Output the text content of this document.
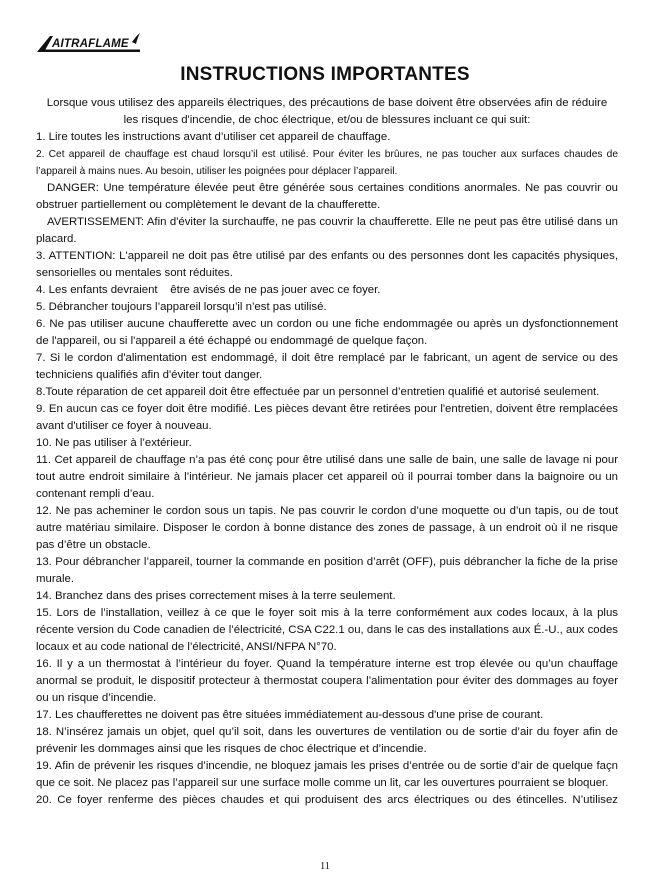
AITRAFLAME
INSTRUCTIONS IMPORTANTES

Lorsque vous utilisez des appareils électriques, des précautions de base doivent être observées afin de réduire les risques d'incendie, de choc électrique, et/ou de blessures incluant ce qui suit:

1. Lire toutes les instructions avant d’utiliser cet appareil de chauffage.

2. Cet appareil de chauffage est chaud lorsqu’il est utilisé. Pour éviter les brûures, ne pas toucher aux surfaces chaudes de l’appareil à mains nues. Au besoin, utiliser les poignées pour déplacer l’appareil.

DANGER: Une température élevée peut être générée sous certaines conditions anormales. Ne pas couvrir ou obstruer partiellement ou complètement le devant de la chaufferette.

AVERTISSEMENT: Afin d'éviter la surchauffe, ne pas couvrir la chaufferette. Elle ne peut pas être utilisé dans un placard.

3. ATTENTION: L'appareil ne doit pas être utilisé par des enfants ou des personnes dont les capacités physiques, sensorielles ou mentales sont réduites.

4. Les enfants devraient    être avisés de ne pas jouer avec ce foyer.

5. Débrancher toujours l’appareil lorsqu’il n’est pas utilisé.

6. Ne pas utiliser aucune chaufferette avec un cordon ou une fiche endommagée ou après un dysfonctionnement de l'appareil, ou si l'appareil a été échappé ou endommagé de quelque façon.

7. Si le cordon d'alimentation est endommagé, il doit être remplacé par le fabricant, un agent de service ou des techniciens qualifiés afin d'éviter tout danger.

8.Toute réparation de cet appareil doit être effectuée par un personnel d’entretien qualifié et autorisé seulement.

9. En aucun cas ce foyer doit être modifié. Les pièces devant être retirées pour l'entretien, doivent être remplacées avant d'utiliser ce foyer à nouveau.

10. Ne pas utiliser à l’extérieur.

11. Cet appareil de chauffage n’a pas été conç pour être utilisé dans une salle de bain, une salle de lavage ni pour tout autre endroit similaire à l’intérieur. Ne jamais placer cet appareil où il pourrai tomber dans la baignoire ou un contenant rempli d’eau.

12. Ne pas acheminer le cordon sous un tapis. Ne pas couvrir le cordon d’une moquette ou d’un tapis, ou de tout autre matériau similaire. Disposer le cordon à bonne distance des zones de passage, à un endroit où il ne risque pas d’être un obstacle.

13. Pour débrancher l’appareil, tourner la commande en position d’arrêt (OFF), puis débrancher la fiche de la prise murale.

14. Branchez dans des prises correctement mises à la terre seulement.

15. Lors de l’installation, veillez à ce que le foyer soit mis à la terre conformément aux codes locaux, à la plus récente version du Code canadien de l’électricité, CSA C22.1 ou, dans le cas des installations aux É.-U., aux codes locaux et au code national de l’électricité, ANSI/NFPA N°70.

16. Il y a un thermostat à l’intérieur du foyer. Quand la température interne est trop élevée ou qu’un chauffage anormal se produit, le dispositif protecteur à thermostat coupera l’alimentation pour éviter des dommages au foyer ou un risque d’incendie.

17. Les chaufferettes ne doivent pas être situées immédiatement au-dessous d'une prise de courant.

18. N’insérez jamais un objet, quel qu’il soit, dans les ouvertures de ventilation ou de sortie d’air du foyer afin de prévenir les dommages ainsi que les risques de choc électrique et d’incendie.

19. Afin de prévenir les risques d’incendie, ne bloquez jamais les prises d’entrée ou de sortie d’air de quelque façn que ce soit. Ne placez pas l’appareil sur une surface molle comme un lit, car les ouvertures pourraient se bloquer.

20. Ce foyer renferme des pièces chaudes et qui produisent des arcs électriques ou des étincelles. N’utilisez

11
